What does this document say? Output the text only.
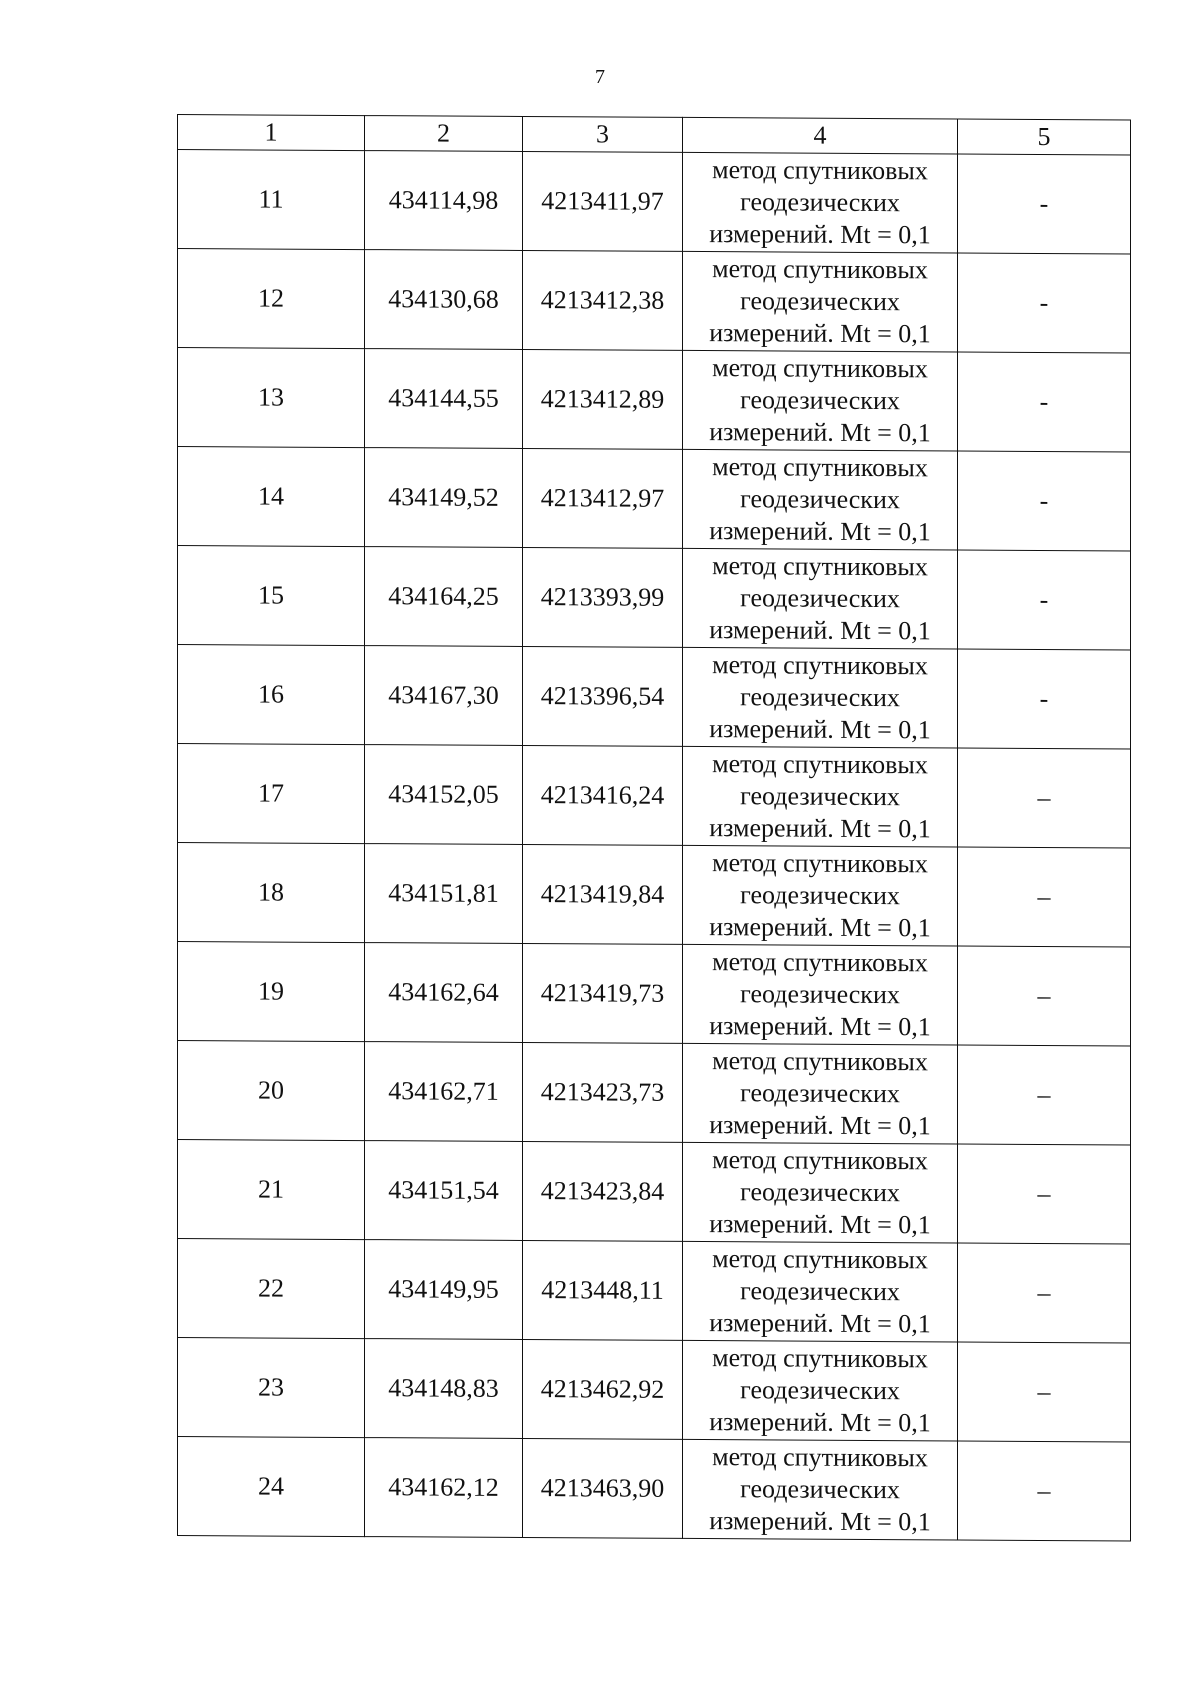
7
1	2	3	4	5
11	434114,98	4213411,97	метод спутниковых
геодезических
измерений. Mt = 0,1	-
12	434130,68	4213412,38	метод спутниковых
геодезических
измерений. Mt = 0,1	-
13	434144,55	4213412,89	метод спутниковых
геодезических
измерений. Mt = 0,1	-
14	434149,52	4213412,97	метод спутниковых
геодезических
измерений. Mt = 0,1	-
15	434164,25	4213393,99	метод спутниковых
геодезических
измерений. Mt = 0,1	-
16	434167,30	4213396,54	метод спутниковых
геодезических
измерений. Mt = 0,1	-
17	434152,05	4213416,24	метод спутниковых
геодезических
измерений. Mt = 0,1	–
18	434151,81	4213419,84	метод спутниковых
геодезических
измерений. Mt = 0,1	–
19	434162,64	4213419,73	метод спутниковых
геодезических
измерений. Mt = 0,1	–
20	434162,71	4213423,73	метод спутниковых
геодезических
измерений. Mt = 0,1	–
21	434151,54	4213423,84	метод спутниковых
геодезических
измерений. Mt = 0,1	–
22	434149,95	4213448,11	метод спутниковых
геодезических
измерений. Mt = 0,1	–
23	434148,83	4213462,92	метод спутниковых
геодезических
измерений. Mt = 0,1	–
24	434162,12	4213463,90	метод спутниковых
геодезических
измерений. Mt = 0,1	–
